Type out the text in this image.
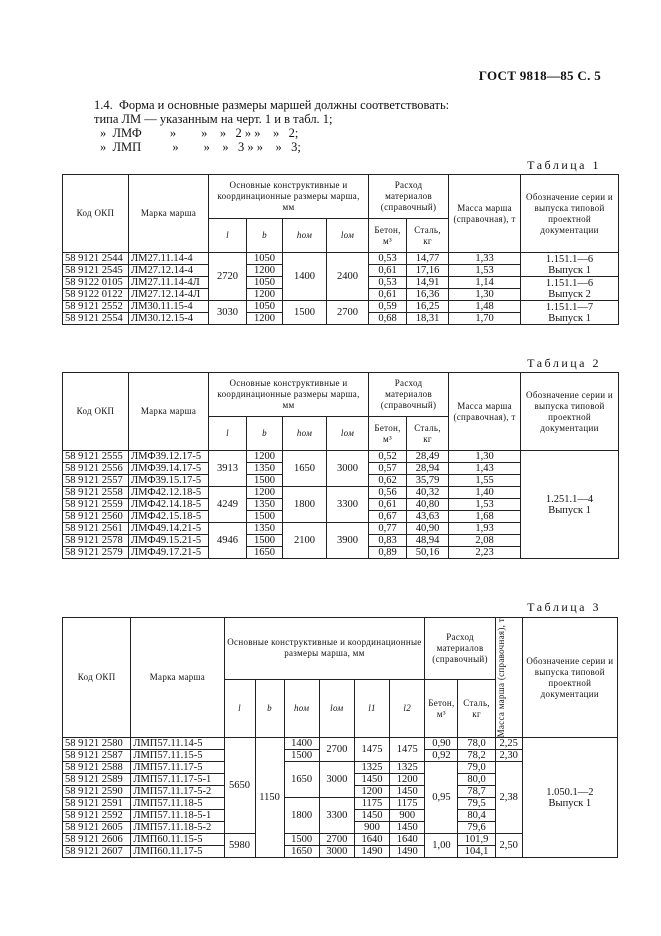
ГОСТ 9818—85 С. 5
1.4.  Форма и основные размеры маршей должны соответствовать:
типа ЛМ — указанным на черт. 1 и в табл. 1;
»  ЛМФ         »        »    »   2 » »    »   2;
»  ЛМП          »        »    »   3 » »    »   3;
Таблица 1
Код ОКП	Марка марша	Основные конструктивные и координационные размеры марша, мм				Расход материалов (справочный)		Масса марша (справочная), т	Обозначение серии и выпуска типовой проектной документации
		l	b	hом	lом	Бетон, м³	Сталь, кг		
58 9121 2544	ЛМ27.11.14-4	2720	1050	1400	2400	0,53	14,77	1,33	1.151.1—6
Выпуск 1
58 9121 2545	ЛМ27.12.14-4		1200			0,61	17,16	1,53	
58 9122 0105	ЛМ27.11.14-4Л		1050			0,53	14,91	1,14	1.151.1—6
Выпуск 2
58 9122 0122	ЛМ27.12.14-4Л		1200			0,61	16,36	1,30	
58 9121 2552	ЛМ30.11.15-4	3030	1050	1500	2700	0,59	16,25	1,48	1.151.1—7
Выпуск 1
58 9121 2554	ЛМ30.12.15-4		1200			0,68	18,31	1,70	
Таблица 2
Код ОКП	Марка марша	Основные конструктивные и координационные размеры марша, мм				Расход материалов (справочный)		Масса марша (справочная), т	Обозначение серии и выпуска типовой проектной документации
		l	b	hом	lом	Бетон, м³	Сталь, кг		
58 9121 2555	ЛМФ39.12.17-5	3913	1200	1650	3000	0,52	28,49	1,30	1.251.1—4
Выпуск 1
58 9121 2556	ЛМФ39.14.17-5		1350			0,57	28,94	1,43	
58 9121 2557	ЛМФ39.15.17-5		1500			0,62	35,79	1,55	
58 9121 2558	ЛМФ42.12.18-5	4249	1200	1800	3300	0,56	40,32	1,40	
58 9121 2559	ЛМФ42.14.18-5		1350			0,61	40,80	1,53	
58 9121 2560	ЛМФ42.15.18-5		1500			0,67	43,63	1,68	
58 9121 2561	ЛМФ49.14.21-5	4946	1350	2100	3900	0,77	40,90	1,93	
58 9121 2578	ЛМФ49.15.21-5		1500			0,83	48,94	2,08	
58 9121 2579	ЛМФ49.17.21-5		1650			0,89	50,16	2,23	
Таблица 3
Код ОКП	Марка марша	Основные конструктивные и координационные размеры марша, мм						Расход материалов (справочный)		Масса марша (справочная), т	Обозначение серии и выпуска типовой проектной документации
		l	b	hом	lом	l1	l2	Бетон, м³	Сталь, кг		
58 9121 2580	ЛМП57.11.14-5	5650	1150	1400	2700	1475	1475	0,90	78,0	2,25	1.050.1—2
Выпуск 1
58 9121 2587	ЛМП57.11.15-5			1500				0,92	78,2	2,30	
58 9121 2588	ЛМП57.11.17-5			1650	3000	1325	1325	0,95	79,0	2,38	
58 9121 2589	ЛМП57.11.17-5-1					1450	1200		80,0		
58 9121 2590	ЛМП57.11.17-5-2					1200	1450		78,7		
58 9121 2591	ЛМП57.11.18-5			1800	3300	1175	1175		79,5		
58 9121 2592	ЛМП57.11.18-5-1					1450	900		80,4		
58 9121 2605	ЛМП57.11.18-5-2					900	1450		79,6		
58 9121 2606	ЛМП60.11.15-5	5980		1500	2700	1640	1640	1,00	101,9	2,50	
58 9121 2607	ЛМП60.11.17-5			1650	3000	1490	1490		104,1		
